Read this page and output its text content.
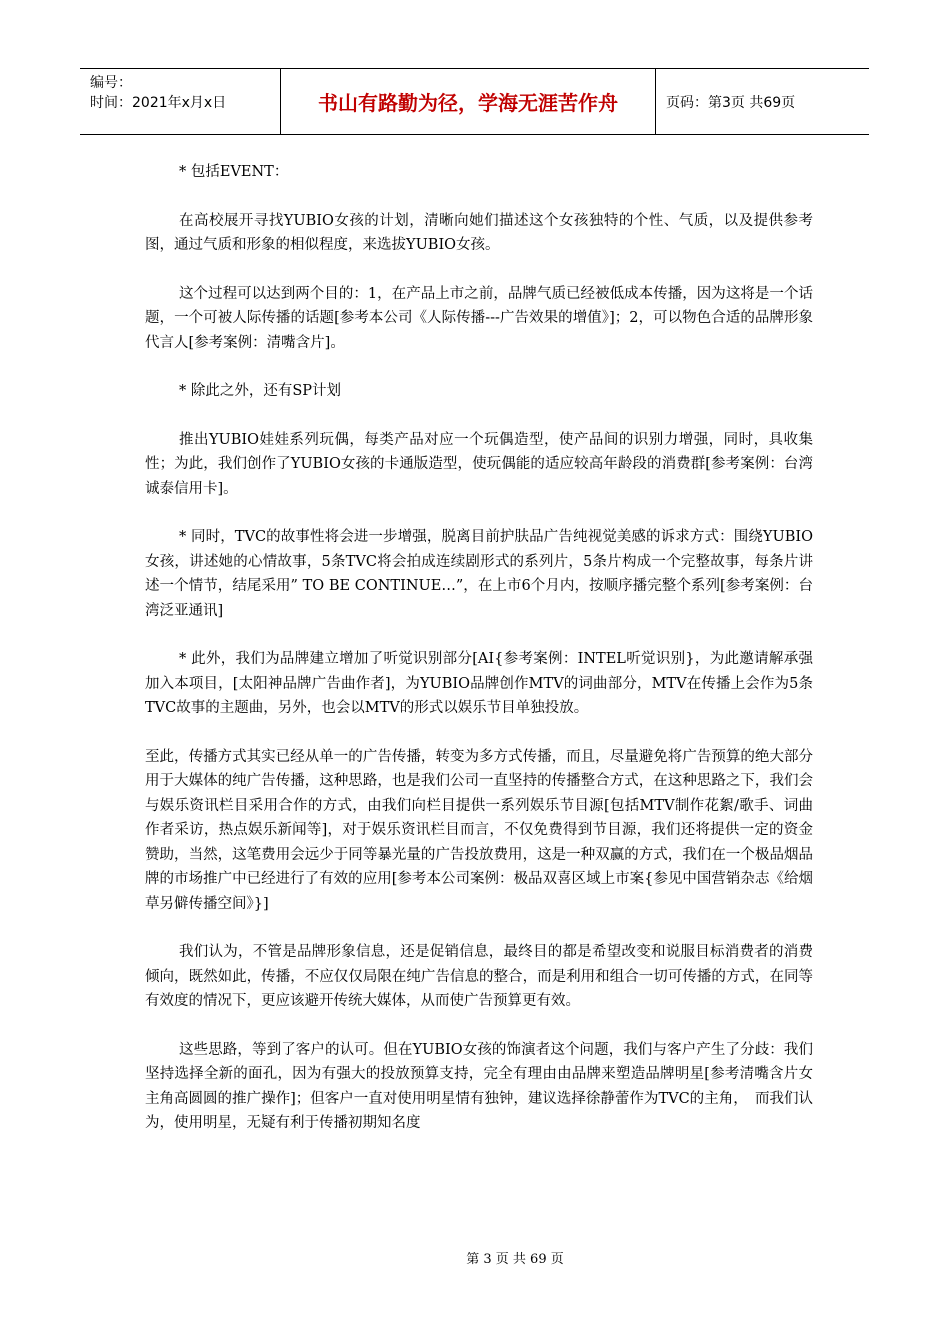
编号：
时间：2021年x月x日	书山有路勤为径，学海无涯苦作舟	页码：第3页 共69页

* 包括EVENT：

在高校展开寻找YUBIO女孩的计划，清晰向她们描述这个女孩独特的个性、气质，以及提供参考图，通过气质和形象的相似程度，来选拔YUBIO女孩。

这个过程可以达到两个目的：1，在产品上市之前，品牌气质已经被低成本传播，因为这将是一个话题，一个可被人际传播的话题[参考本公司《人际传播---广告效果的增值》]；2，可以物色合适的品牌形象代言人[参考案例：清嘴含片]。

* 除此之外，还有SP计划

推出YUBIO娃娃系列玩偶，每类产品对应一个玩偶造型，使产品间的识别力增强，同时，具收集性；为此，我们创作了YUBIO女孩的卡通版造型，使玩偶能的适应较高年龄段的消费群[参考案例：台湾诚泰信用卡]。

* 同时，TVC的故事性将会进一步增强，脱离目前护肤品广告纯视觉美感的诉求方式：围绕YUBIO女孩，讲述她的心情故事，5条TVC将会拍成连续剧形式的系列片，5条片构成一个完整故事，每条片讲述一个情节，结尾采用” TO BE CONTINUE…”，在上市6个月内，按顺序播完整个系列[参考案例：台湾泛亚通讯]

* 此外，我们为品牌建立增加了听觉识别部分[AI{参考案例：INTEL听觉识别}，为此邀请解承强加入本项目，[太阳神品牌广告曲作者]，为YUBIO品牌创作MTV的词曲部分，MTV在传播上会作为5条TVC故事的主题曲，另外，也会以MTV的形式以娱乐节目单独投放。

至此，传播方式其实已经从单一的广告传播，转变为多方式传播，而且，尽量避免将广告预算的绝大部分用于大媒体的纯广告传播，这种思路，也是我们公司一直坚持的传播整合方式，在这种思路之下，我们会与娱乐资讯栏目采用合作的方式，由我们向栏目提供一系列娱乐节目源[包括MTV制作花絮/歌手、词曲作者采访，热点娱乐新闻等]，对于娱乐资讯栏目而言，不仅免费得到节目源，我们还将提供一定的资金赞助，当然，这笔费用会远少于同等暴光量的广告投放费用，这是一种双赢的方式，我们在一个极品烟品牌的市场推广中已经进行了有效的应用[参考本公司案例：极品双喜区域上市案{参见中国营销杂志《给烟草另僻传播空间》}]

我们认为，不管是品牌形象信息，还是促销信息，最终目的都是希望改变和说服目标消费者的消费倾向，既然如此，传播，不应仅仅局限在纯广告信息的整合，而是利用和组合一切可传播的方式，在同等有效度的情况下，更应该避开传统大媒体，从而使广告预算更有效。

这些思路，等到了客户的认可。但在YUBIO女孩的饰演者这个问题，我们与客户产生了分歧：我们坚持选择全新的面孔，因为有强大的投放预算支持，完全有理由由品牌来塑造品牌明星[参考清嘴含片女主角高圆圆的推广操作]；但客户一直对使用明星情有独钟，建议选择徐静蕾作为TVC的主角，　而我们认为，使用明星，无疑有利于传播初期知名度

第 3 页 共 69 页
